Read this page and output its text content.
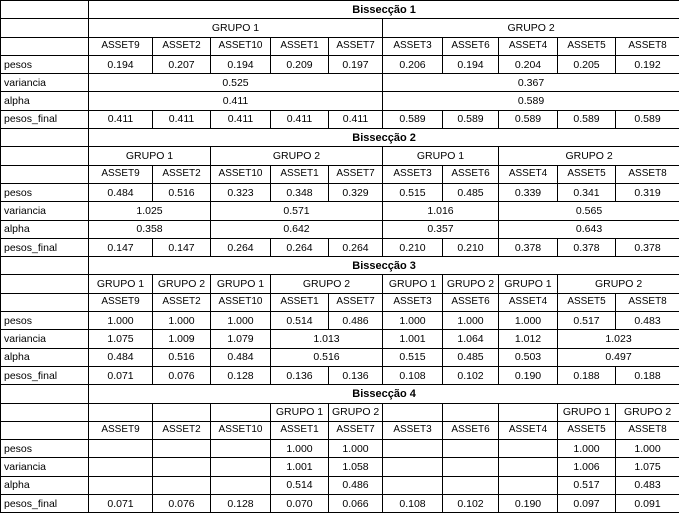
	Bissecção 1									
	GRUPO 1					GRUPO 2				
	ASSET9	ASSET2	ASSET10	ASSET1	ASSET7	ASSET3	ASSET6	ASSET4	ASSET5	ASSET8
pesos	0.194	0.207	0.194	0.209	0.197	0.206	0.194	0.204	0.205	0.192
variancia	0.525					0.367				
alpha	0.411					0.589				
pesos_final	0.411	0.411	0.411	0.411	0.411	0.589	0.589	0.589	0.589	0.589
	Bissecção 2									
	GRUPO 1		GRUPO 2			GRUPO 1		GRUPO 2		
	ASSET9	ASSET2	ASSET10	ASSET1	ASSET7	ASSET3	ASSET6	ASSET4	ASSET5	ASSET8
pesos	0.484	0.516	0.323	0.348	0.329	0.515	0.485	0.339	0.341	0.319
variancia	1.025		0.571			1.016		0.565		
alpha	0.358		0.642			0.357		0.643		
pesos_final	0.147	0.147	0.264	0.264	0.264	0.210	0.210	0.378	0.378	0.378
	Bissecção 3									
	GRUPO 1	GRUPO 2	GRUPO 1	GRUPO 2		GRUPO 1	GRUPO 2	GRUPO 1	GRUPO 2	
	ASSET9	ASSET2	ASSET10	ASSET1	ASSET7	ASSET3	ASSET6	ASSET4	ASSET5	ASSET8
pesos	1.000	1.000	1.000	0.514	0.486	1.000	1.000	1.000	0.517	0.483
variancia	1.075	1.009	1.079	1.013		1.001	1.064	1.012	1.023	
alpha	0.484	0.516	0.484	0.516		0.515	0.485	0.503	0.497	
pesos_final	0.071	0.076	0.128	0.136	0.136	0.108	0.102	0.190	0.188	0.188
	Bissecção 4									
				GRUPO 1	GRUPO 2				GRUPO 1	GRUPO 2
	ASSET9	ASSET2	ASSET10	ASSET1	ASSET7	ASSET3	ASSET6	ASSET4	ASSET5	ASSET8
pesos				1.000	1.000				1.000	1.000
variancia				1.001	1.058				1.006	1.075
alpha				0.514	0.486				0.517	0.483
pesos_final	0.071	0.076	0.128	0.070	0.066	0.108	0.102	0.190	0.097	0.091
